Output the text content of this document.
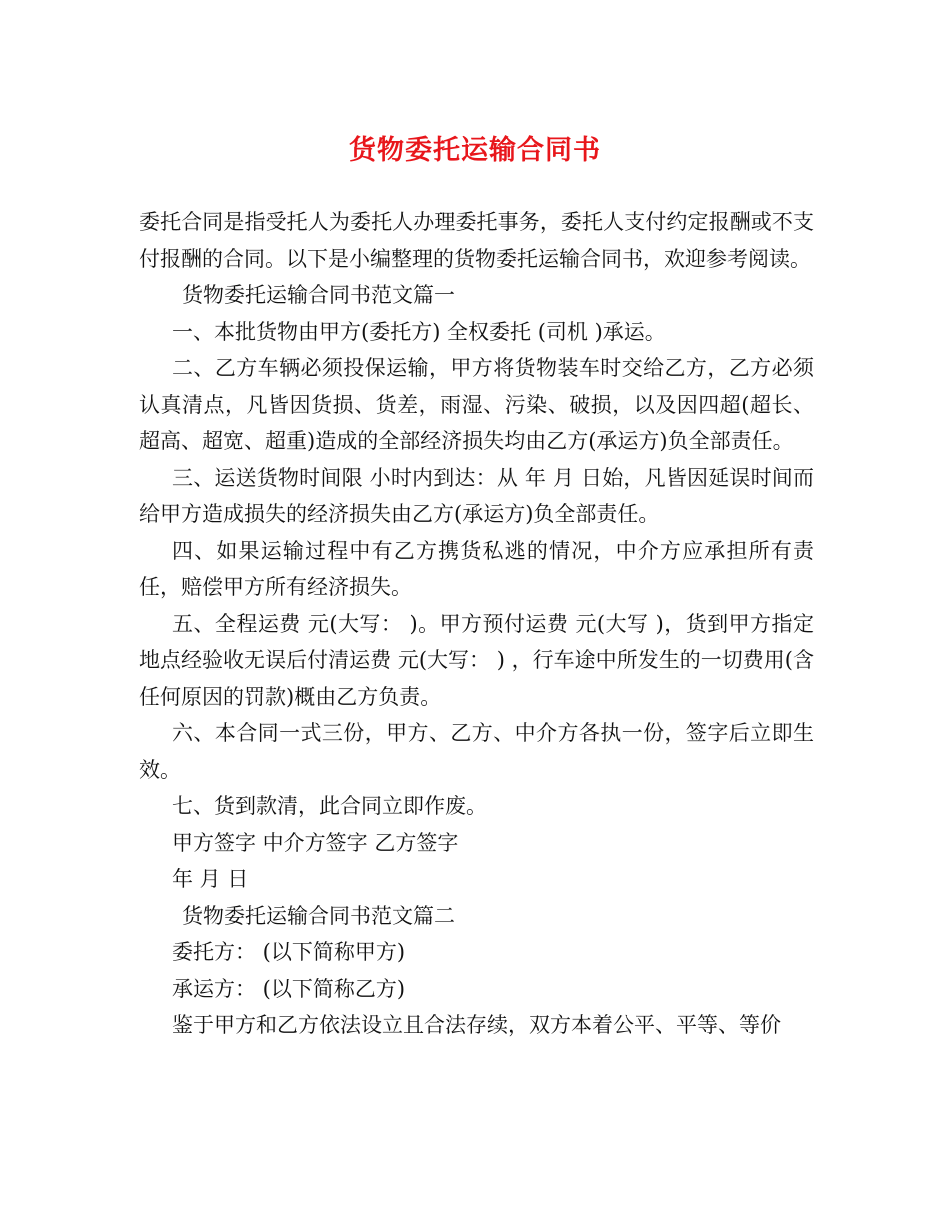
货物委托运输合同书

委托合同是指受托人为委托人办理委托事务，委托人支付约定报酬或不支付报酬的合同。以下是小编整理的货物委托运输合同书，欢迎参考阅读。

货物委托运输合同书范文篇一

一、本批货物由甲方(委托方) 全权委托 (司机 )承运。

二、乙方车辆必须投保运输，甲方将货物装车时交给乙方，乙方必须认真清点，凡皆因货损、货差，雨湿、污染、破损，以及因四超(超长、超高、超宽、超重)造成的全部经济损失均由乙方(承运方)负全部责任。

三、运送货物时间限 小时内到达：从 年 月 日始，凡皆因延误时间而给甲方造成损失的经济损失由乙方(承运方)负全部责任。

四、如果运输过程中有乙方携货私逃的情况，中介方应承担所有责任，赔偿甲方所有经济损失。

五、全程运费 元(大写： )。甲方预付运费 元(大写 )，货到甲方指定地点经验收无误后付清运费 元(大写： ) ，行车途中所发生的一切费用(含任何原因的罚款)概由乙方负责。

六、本合同一式三份，甲方、乙方、中介方各执一份，签字后立即生效。

七、货到款清，此合同立即作废。

甲方签字 中介方签字 乙方签字

年 月 日

货物委托运输合同书范文篇二

委托方： (以下简称甲方)

承运方： (以下简称乙方)

鉴于甲方和乙方依法设立且合法存续，双方本着公平、平等、等价
